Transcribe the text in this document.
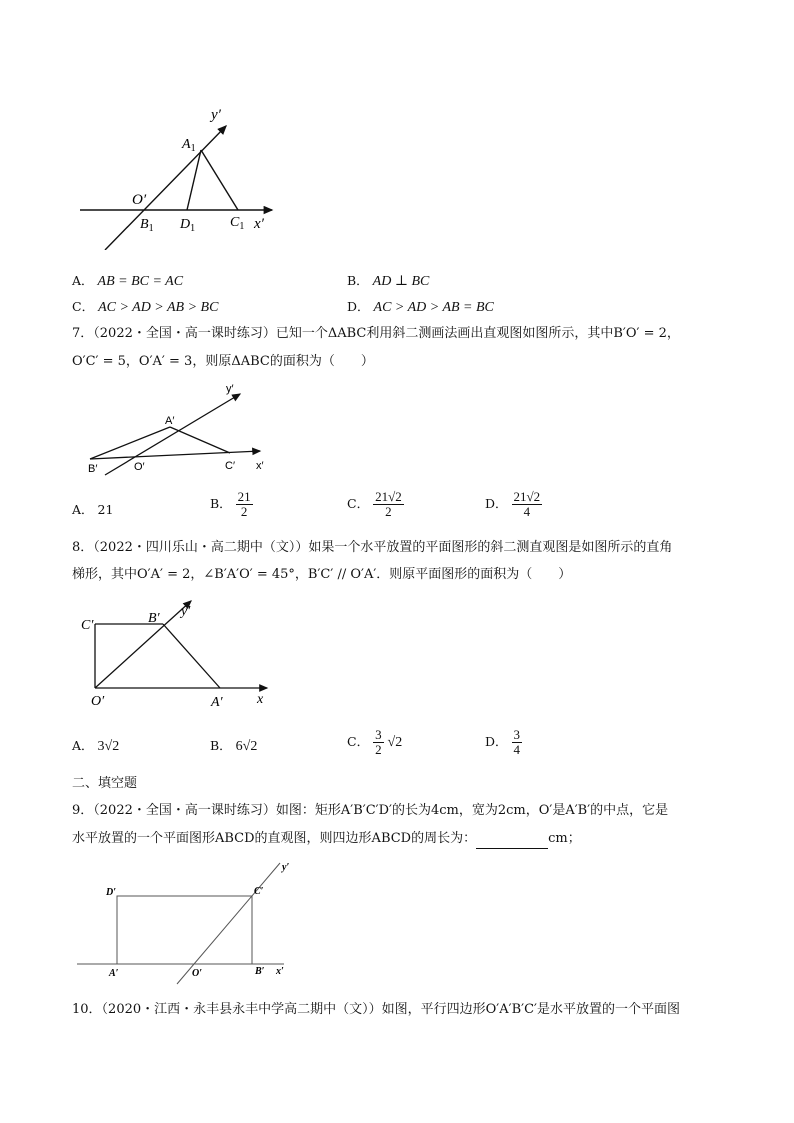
y′
$A_1$
O′
$B_1$ $D_1$ $C_1$ x′
A． AB = BC = AC	B． AD ⊥ BC
C． AC > AD > AB > BC	D． AC > AD > AB = BC
7．（2022・全国・高一课时练习）已知一个ΔABC利用斜二测画法画出直观图如图所示，其中B′O′ = 2，
O′C′ = 5，O′A′ = 3，则原ΔABC的面积为（　　）
y′
A′
B′	O′	C′ x′
A． 21	B． $\frac{21}{2}$	C． $\frac{21√2}{2}$	D． $\frac{21√2}{4}$
8．（2022・四川乐山・高二期中（文））如果一个水平放置的平面图形的斜二测直观图是如图所示的直角
梯形，其中O′A′ = 2，∠B′A′O′ = 45°，B′C′ // O′A′．则原平面图形的面积为（　　）
C′	B′ y′
O′	A′ x
A． 3√2	B． 6√2	C． $\frac{3}{2} √2$	D． $\frac{3}{4}$
二、填空题
9．（2022・全国・高一课时练习）如图：矩形A′B′C′D′的长为4cm，宽为2cm，O′是A′B′的中点，它是
水平放置的一个平面图形ABCD的直观图，则四边形ABCD的周长为：	cm；
D′	C′
y′
A′	O′	B′ x′
10．（2020・江西・永丰县永丰中学高二期中（文））如图，平行四边形O′A′B′C′是水平放置的一个平面图
